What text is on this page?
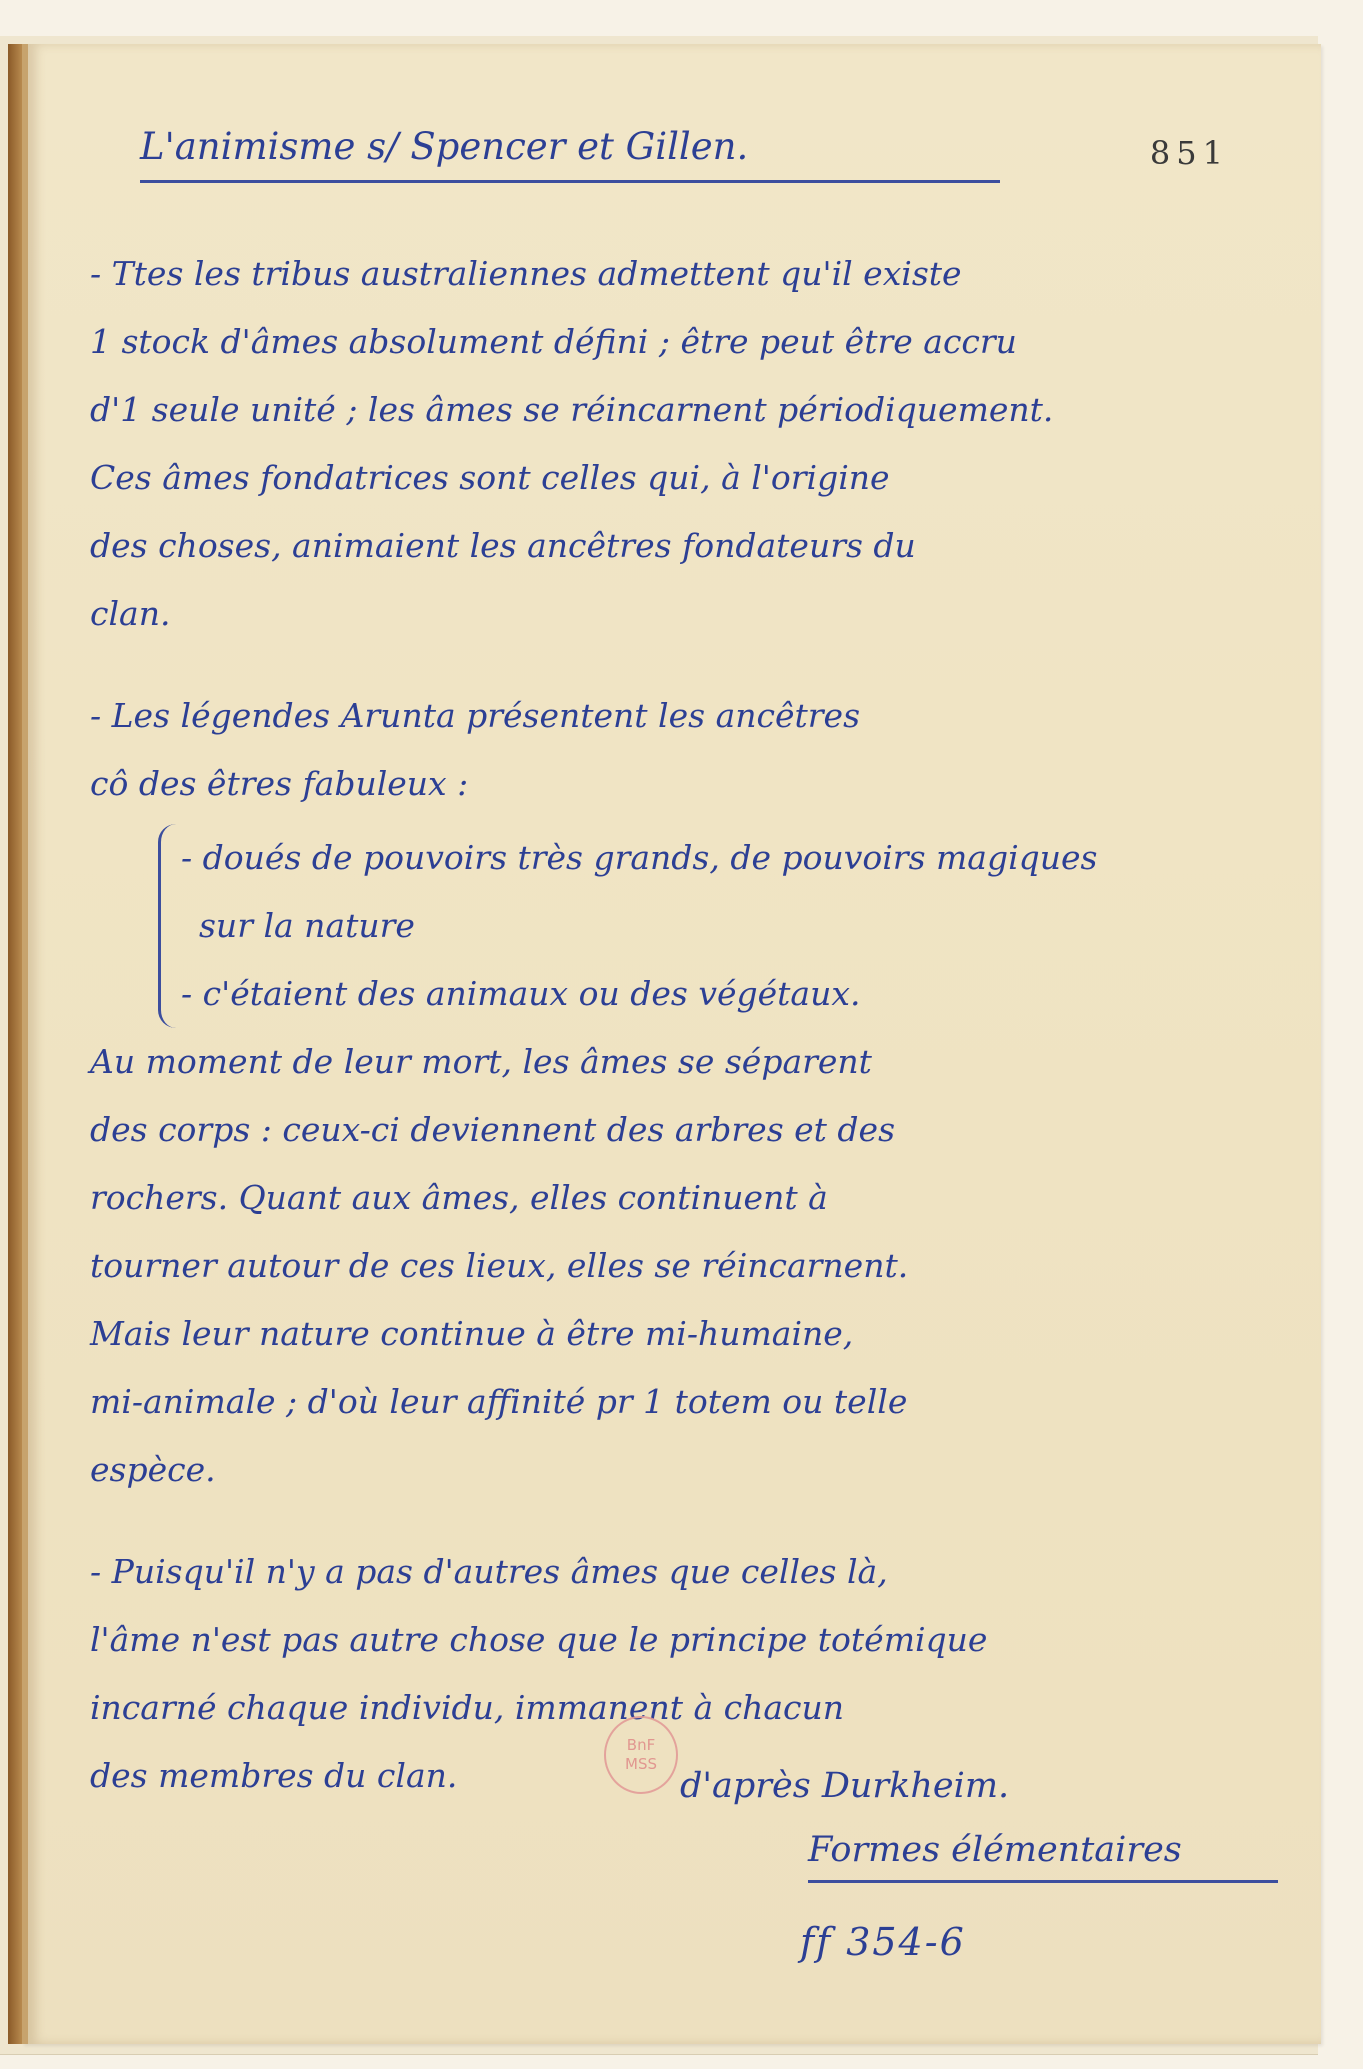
L'animisme s/ Spencer et Gillen.	851
- Ttes les tribus australiennes admettent qu'il existe
1 stock d'âmes absolument défini ; être peut être accru
d'1 seule unité ; les âmes se réincarnent périodiquement.
Ces âmes fondatrices sont celles qui, à l'origine
des choses, animaient les ancêtres fondateurs du
clan.
- Les légendes Arunta présentent les ancêtres
cô des êtres fabuleux :
- doués de pouvoirs très grands, de pouvoirs magiques
sur la nature
- c'étaient des animaux ou des végétaux.
Au moment de leur mort, les âmes se séparent
des corps : ceux-ci deviennent des arbres et des
rochers. Quant aux âmes, elles continuent à
tourner autour de ces lieux, elles se réincarnent.
Mais leur nature continue à être mi-humaine,
mi-animale ; d'où leur affinité pr 1 totem ou telle
espèce.
- Puisqu'il n'y a pas d'autres âmes que celles là,
l'âme n'est pas autre chose que le principe totémique
incarné chaque individu, immanent à chacun
des membres du clan.
BnF
MSS
d'après Durkheim.
Formes élémentaires
ff 354-6
